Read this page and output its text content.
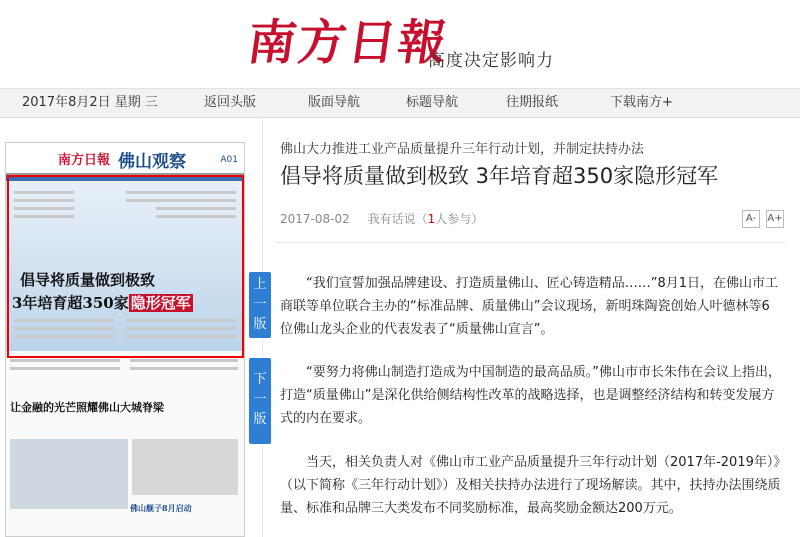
南方日報
高度决定影响力
2017年8月2日 星期 三	返回头版	版面导航	标题导航	往期报纸	下载南方+
南方日報 佛山观察	A01
倡导将质量做到极致
3年培育超350家 隐形冠军
让金融的光芒照耀佛山大城脊梁
佛山舰子8月启动
上
一
版
下
一
版
佛山大力推进工业产品质量提升三年行动计划，并制定扶持办法
倡导将质量做到极致 3年培育超350家隐形冠军
2017-08-02 我有话说（1人参与）	A-	A+

“我们宣誓加强品牌建设、打造质量佛山、匠心铸造精品……”8月1日，在佛山市工商联等单位联合主办的“标准品牌、质量佛山”会议现场，新明珠陶瓷创始人叶德林等6位佛山龙头企业的代表发表了“质量佛山宣言”。

“要努力将佛山制造打造成为中国制造的最高品质。”佛山市市长朱伟在会议上指出，打造“质量佛山”是深化供给侧结构性改革的战略选择，也是调整经济结构和转变发展方式的内在要求。

当天，相关负责人对《佛山市工业产品质量提升三年行动计划（2017年-2019年）》（以下简称《三年行动计划》）及相关扶持办法进行了现场解读。其中，扶持办法围绕质量、标准和品牌三大类发布不同奖励标准，最高奖励金额达200万元。
